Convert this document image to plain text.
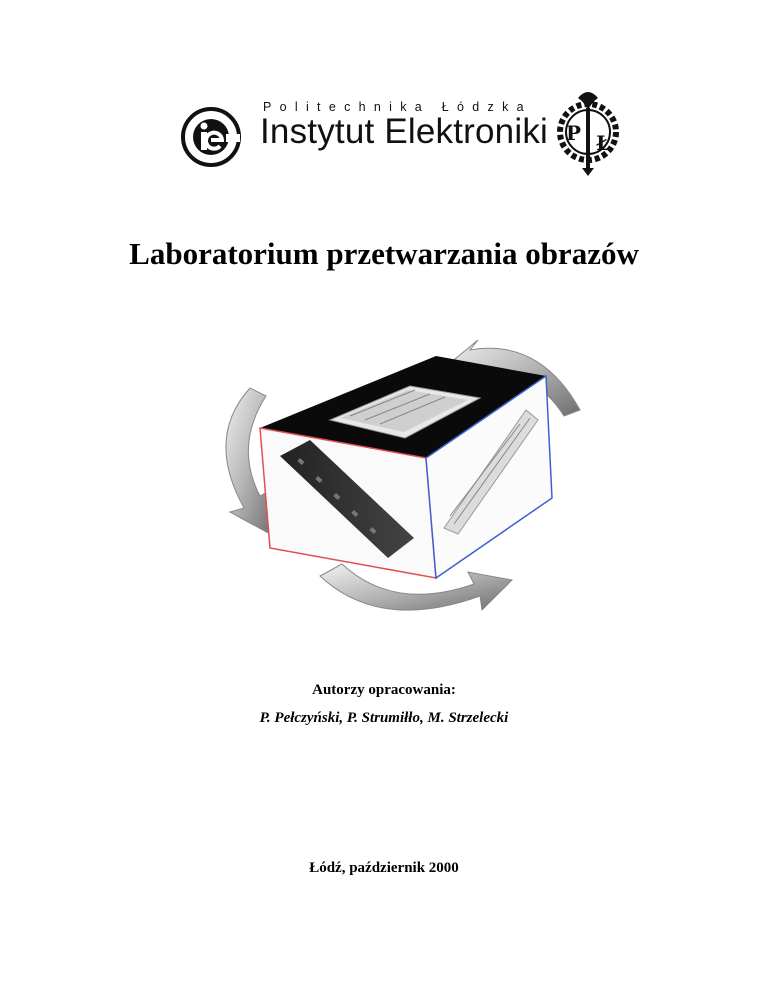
Politechnika Łódzka
Instytut Elektroniki P Ł
Laboratorium przetwarzania obrazów
Autorzy opracowania:
P. Pełczyński, P. Strumiłło, M. Strzelecki
Łódź, październik 2000
